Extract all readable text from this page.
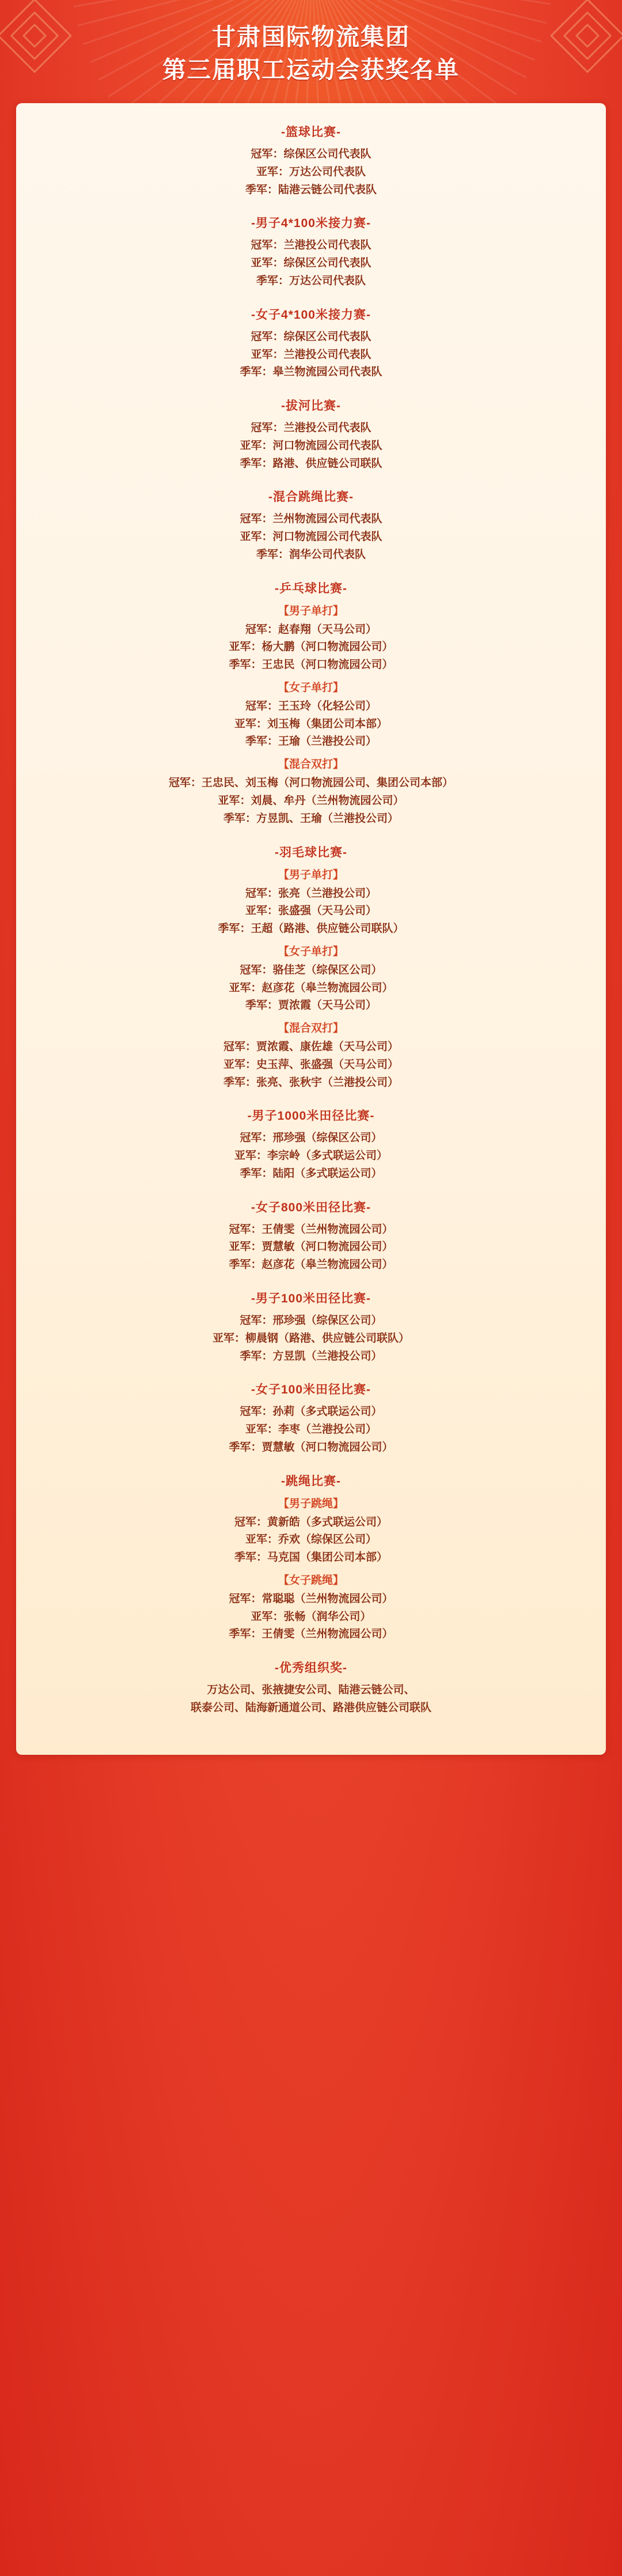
甘肃国际物流集团
第三届职工运动会获奖名单
-篮球比赛-
冠军：综保区公司代表队
亚军：万达公司代表队
季军：陆港云链公司代表队
-男子4*100米接力赛-
冠军：兰港投公司代表队
亚军：综保区公司代表队
季军：万达公司代表队
-女子4*100米接力赛-
冠军：综保区公司代表队
亚军：兰港投公司代表队
季军：皋兰物流园公司代表队
-拔河比赛-
冠军：兰港投公司代表队
亚军：河口物流园公司代表队
季军：路港、供应链公司联队
-混合跳绳比赛-
冠军：兰州物流园公司代表队
亚军：河口物流园公司代表队
季军：润华公司代表队
-乒乓球比赛-
【男子单打】
冠军：赵春翔（天马公司）
亚军：杨大鹏（河口物流园公司）
季军：王忠民（河口物流园公司）
【女子单打】
冠军：王玉玲（化轻公司）
亚军：刘玉梅（集团公司本部）
季军：王瑜（兰港投公司）
【混合双打】
冠军：王忠民、刘玉梅（河口物流园公司、集团公司本部）
亚军：刘晨、牟丹（兰州物流园公司）
季军：方昱凯、王瑜（兰港投公司）
-羽毛球比赛-
【男子单打】
冠军：张亮（兰港投公司）
亚军：张盛强（天马公司）
季军：王超（路港、供应链公司联队）
【女子单打】
冠军：骆佳芝（综保区公司）
亚军：赵彦花（皋兰物流园公司）
季军：贾浓霞（天马公司）
【混合双打】
冠军：贾浓霞、康佐雄（天马公司）
亚军：史玉萍、张盛强（天马公司）
季军：张亮、张秋宇（兰港投公司）
-男子1000米田径比赛-
冠军：邢珍强（综保区公司）
亚军：李宗岭（多式联运公司）
季军：陆阳（多式联运公司）
-女子800米田径比赛-
冠军：王倩雯（兰州物流园公司）
亚军：贾慧敏（河口物流园公司）
季军：赵彦花（皋兰物流园公司）
-男子100米田径比赛-
冠军：邢珍强（综保区公司）
亚军：柳晨钢（路港、供应链公司联队）
季军：方昱凯（兰港投公司）
-女子100米田径比赛-
冠军：孙莉（多式联运公司）
亚军：李枣（兰港投公司）
季军：贾慧敏（河口物流园公司）
-跳绳比赛-
【男子跳绳】
冠军：黄新皓（多式联运公司）
亚军：乔欢（综保区公司）
季军：马克国（集团公司本部）
【女子跳绳】
冠军：常聪聪（兰州物流园公司）
亚军：张畅（润华公司）
季军：王倩雯（兰州物流园公司）
-优秀组织奖-
万达公司、张掖捷安公司、陆港云链公司、
联泰公司、陆海新通道公司、路港供应链公司联队
